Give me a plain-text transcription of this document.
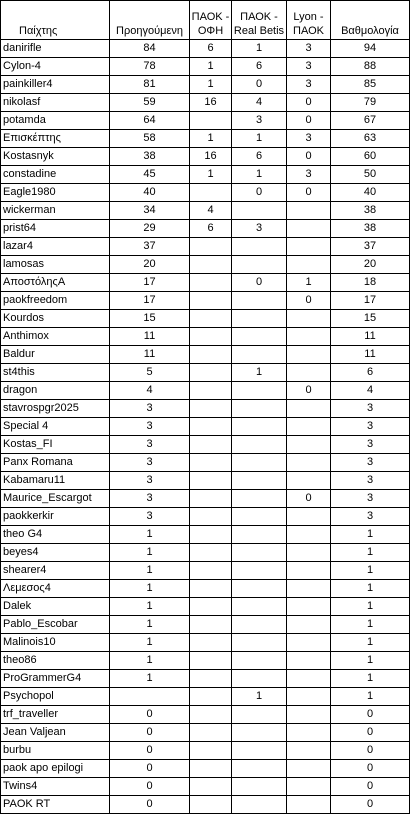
Παίχτης	Προηγούμενη	ΠΑΟΚ - ΟΦΗ	ΠΑΟΚ - Real Betis	Lyon - ΠΑΟΚ	Βαθμολογία
danirifle	84	6	1	3	94
Cylon-4	78	1	6	3	88
painkiller4	81	1	0	3	85
nikolasf	59	16	4	0	79
potamda	64		3	0	67
Επισκέπτης	58	1	1	3	63
Kostasnyk	38	16	6	0	60
constadine	45	1	1	3	50
Eagle1980	40		0	0	40
wickerman	34	4			38
prist64	29	6	3		38
lazar4	37				37
lamosas	20				20
ΑποστόληςΑ	17		0	1	18
paokfreedom	17			0	17
Kourdos	15				15
Anthimox	11				11
Baldur	11				11
st4this	5		1		6
dragon	4			0	4
stavrospgr2025	3				3
Special 4	3				3
Kostas_FI	3				3
Panx Romana	3				3
Kabamaru11	3				3
Maurice_Escargot	3			0	3
paokkerkir	3				3
theo G4	1				1
beyes4	1				1
shearer4	1				1
Λεμεσος4	1				1
Dalek	1				1
Pablo_Escobar	1				1
Malinois10	1				1
theo86	1				1
ProGrammerG4	1				1
Psychopol			1		1
trf_traveller	0				0
Jean Valjean	0				0
burbu	0				0
paok apo epilogi	0				0
Twins4	0				0
PAOK RT	0				0
